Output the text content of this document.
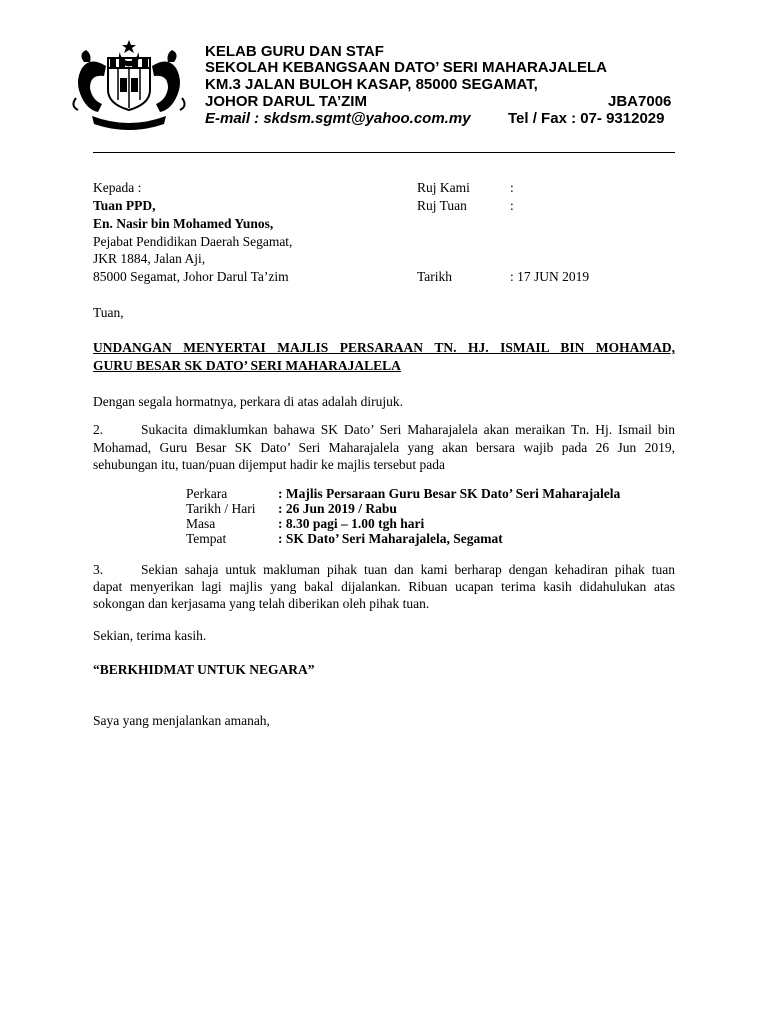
KELAB GURU DAN STAF
SEKOLAH KEBANGSAAN DATO’ SERI MAHARAJALELA
KM.3 JALAN BULOH KASAP, 85000 SEGAMAT,
JOHOR DARUL TA’ZIM	JBA7006
E-mail : skdsm.sgmt@yahoo.com.my Tel / Fax : 07- 9312029
Kepada :
Tuan PPD,
En. Nasir bin Mohamed Yunos,
Pejabat Pendidikan Daerah Segamat,
JKR 1884, Jalan Aji,
85000 Segamat, Johor Darul Ta’zim
Ruj Kami	:
Ruj Tuan	:
Tarikh	: 17 JUN 2019
Tuan,
UNDANGAN MENYERTAI MAJLIS PERSARAAN TN. HJ. ISMAIL BIN MOHAMAD,
GURU BESAR SK DATO’ SERI MAHARAJALELA
Dengan segala hormatnya, perkara di atas adalah dirujuk.
2.	Sukacita dimaklumkan bahawa SK Dato’ Seri Maharajalela akan meraikan Tn. Hj. Ismail bin
Mohamad, Guru Besar SK Dato’ Seri Maharajalela yang akan bersara wajib pada 26 Jun 2019,
sehubungan itu, tuan/puan dijemput hadir ke majlis tersebut pada
Perkara	: Majlis Persaraan Guru Besar SK Dato’ Seri Maharajalela
Tarikh / Hari : 26 Jun 2019 / Rabu
Masa	: 8.30 pagi – 1.00 tgh hari
Tempat	: SK Dato’ Seri Maharajalela, Segamat
3.	Sekian sahaja untuk makluman pihak tuan dan kami berharap dengan kehadiran pihak tuan
dapat menyerikan lagi majlis yang bakal dijalankan. Ribuan ucapan terima kasih didahulukan atas
sokongan dan kerjasama yang telah diberikan oleh pihak tuan.
Sekian, terima kasih.
“BERKHIDMAT UNTUK NEGARA”
Saya yang menjalankan amanah,
